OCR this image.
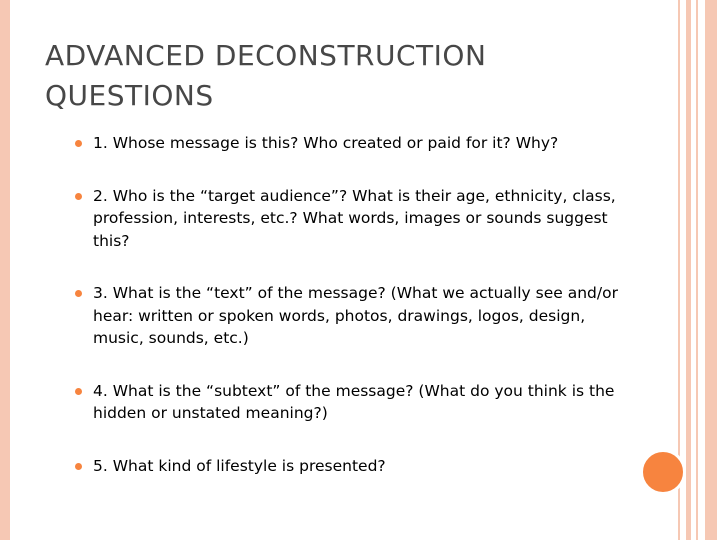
ADVANCED DECONSTRUCTION QUESTIONS
1. Whose message is this? Who created or paid for it? Why?
2. Who is the “target audience”? What is their age, ethnicity, class, profession, interests, etc.? What words, images or sounds suggest this?
3. What is the “text” of the message? (What we actually see and/or hear: written or spoken words, photos, drawings, logos, design, music, sounds, etc.)
4. What is the “subtext” of the message? (What do you think is the hidden or unstated meaning?)
5. What kind of lifestyle is presented?
